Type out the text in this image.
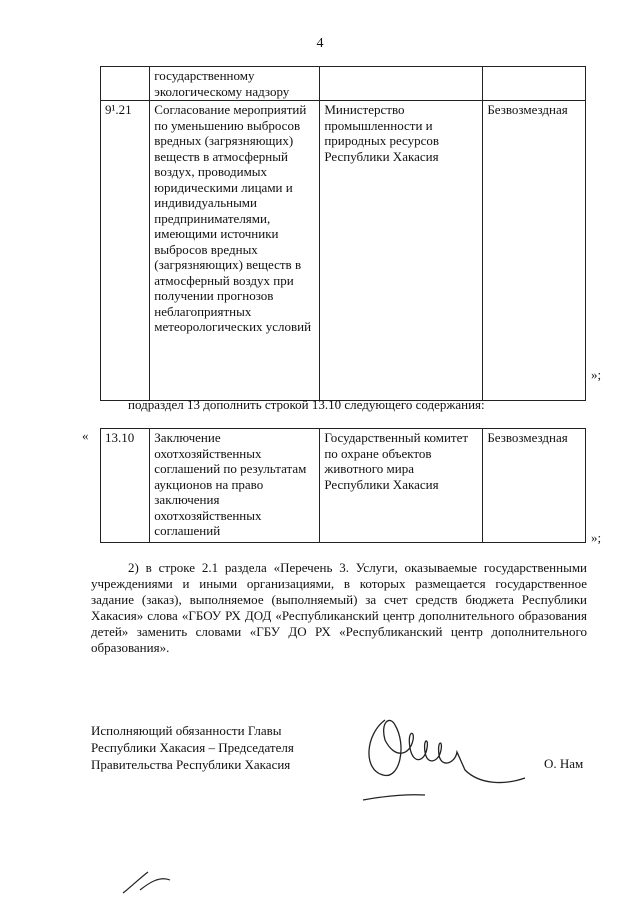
4
	государственному экологическому надзору		
9¹.21	Согласование мероприятий по уменьшению выбросов вредных (загрязняющих) веществ в атмосферный воздух, проводимых юридическими лицами и индивидуальными предпринимателями, имеющими источники выбросов вредных (загрязняющих) веществ в атмосферный воздух при получении прогнозов неблагоприятных метеорологических условий	Министерство промышленности и природных ресурсов Республики Хакасия	Безвозмездная
»;
подраздел 13 дополнить строкой 13.10 следующего содержания:
« 13.10	Заключение охотхозяйственных соглашений по результатам аукционов на право заключения охотхозяйственных соглашений	Государственный комитет по охране объектов животного мира Республики Хакасия	Безвозмездная
»;
2) в строке 2.1 раздела «Перечень 3. Услуги, оказываемые государственными учреждениями и иными организациями, в которых размещается государственное задание (заказ), выполняемое (выполняемый) за счет средств бюджета Республики Хакасия» слова «ГБОУ РХ ДОД «Республиканский центр дополнительного образования детей» заменить словами «ГБУ ДО РХ «Республиканский центр дополнительного образования».
Исполняющий обязанности Главы
Республики Хакасия – Председателя
Правительства Республики Хакасия	О. Нам
